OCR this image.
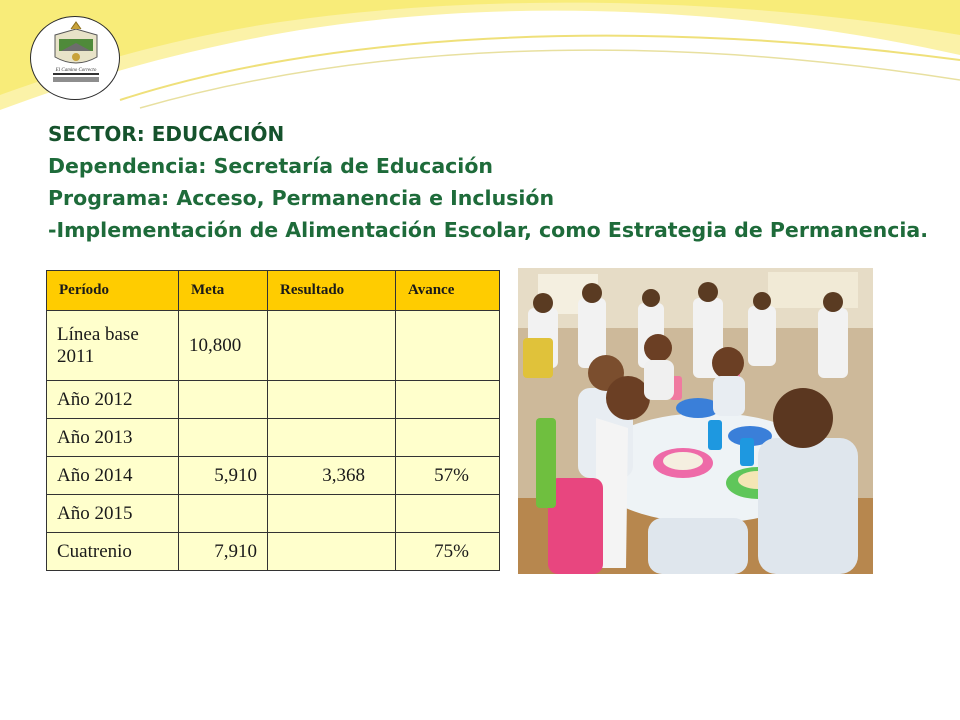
El Camino Correcto
SECTOR: EDUCACIÓN
Dependencia: Secretaría de Educación
Programa: Acceso, Permanencia e Inclusión
-Implementación de Alimentación Escolar, como Estrategia de Permanencia.
Período	Meta	Resultado	Avance
Línea base 2011	10,800		
Año 2012			
Año 2013			
Año 2014	5,910	3,368	57%
Año 2015			
Cuatrenio	7,910		75%
